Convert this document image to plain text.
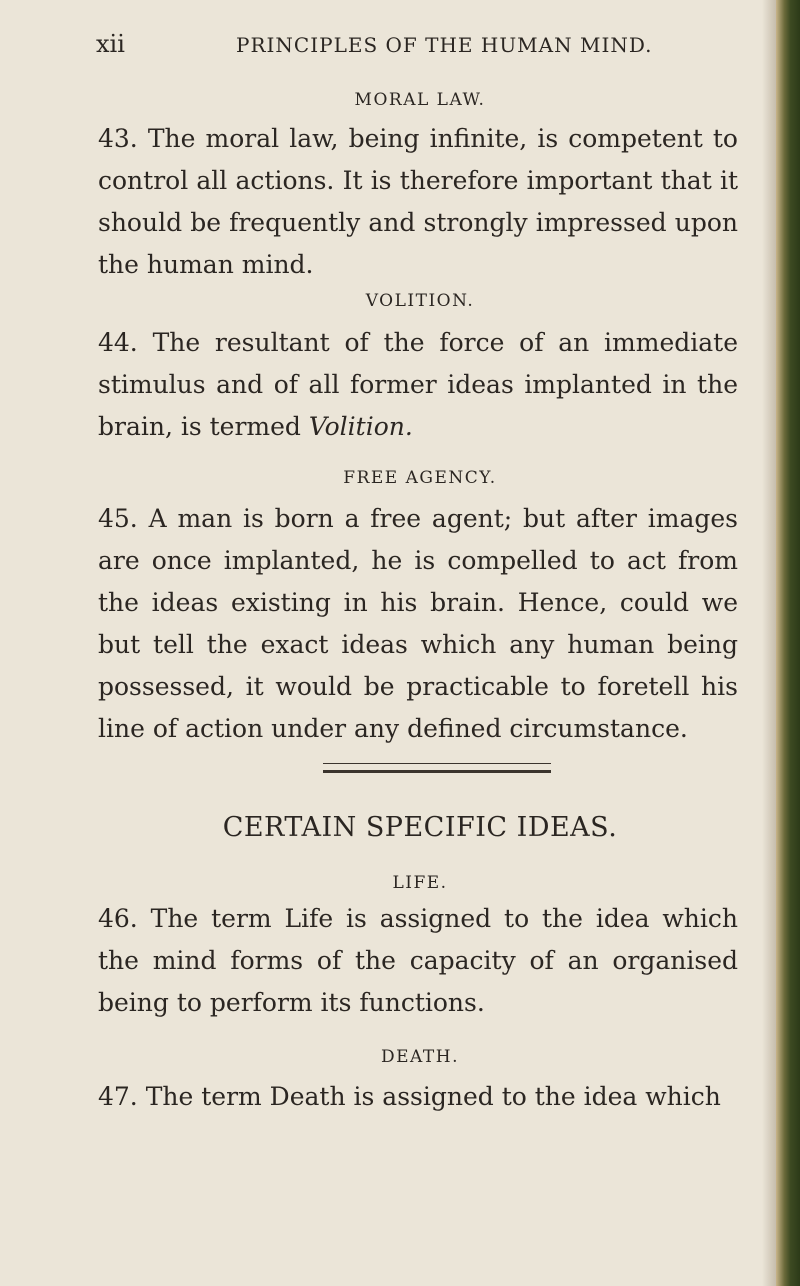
xii	PRINCIPLES OF THE HUMAN MIND.
MORAL LAW.

43. The moral law, being infinite, is competent to control all actions. It is therefore important that it should be frequently and strongly impressed upon the human mind.

VOLITION.

44. The resultant of the force of an immediate stimulus and of all former ideas implanted in the brain, is termed Volition.

FREE AGENCY.

45. A man is born a free agent; but after images are once implanted, he is compelled to act from the ideas existing in his brain. Hence, could we but tell the exact ideas which any human being possessed, it would be practicable to foretell his line of action under any defined circumstance.

CERTAIN SPECIFIC IDEAS.
LIFE.

46. The term Life is assigned to the idea which the mind forms of the capacity of an organised being to perform its functions.

DEATH.

47. The term Death is assigned to the idea which
